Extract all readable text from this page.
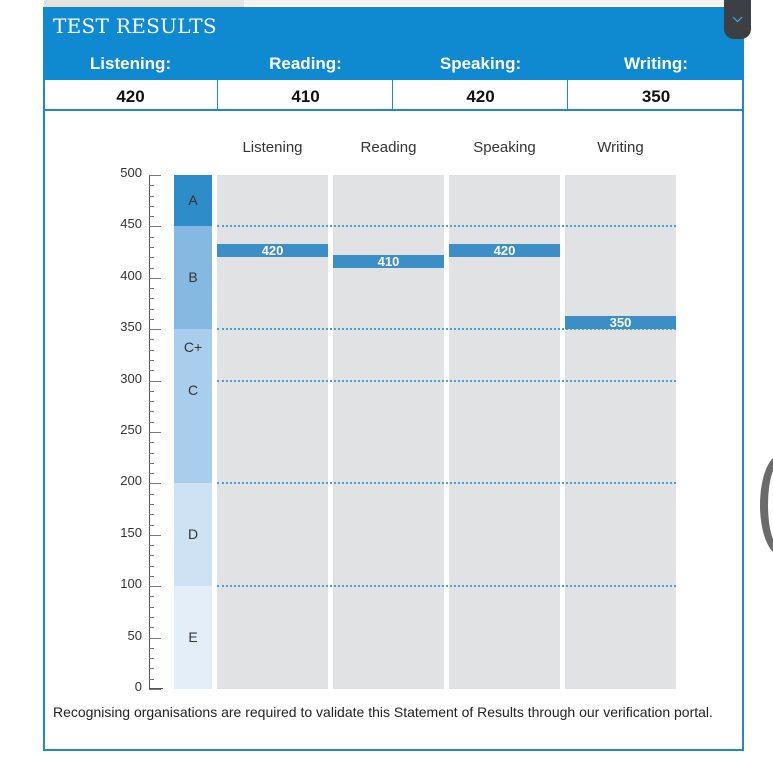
TEST RESULTS	⌵
Listening:	Reading:	Speaking:	Writing:
420	410	420	350
500
450
400
350
300
250
200
150
100
50
0
A
B
C+
C
D
E
Listening	Reading	Speaking	Writing
420
410
420
350
Recognising organisations are required to validate this Statement of Results through our verification portal.
